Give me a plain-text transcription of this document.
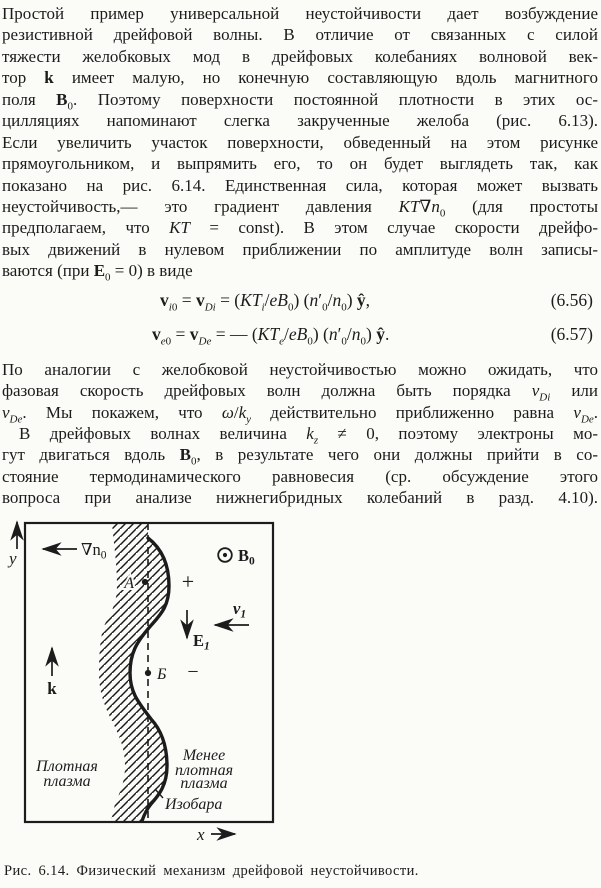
Простой пример универсальной неустойчивости дает возбуждение
резистивной дрейфовой волны. В отличие от связанных с силой
тяжести желобковых мод в дрейфовых колебаниях волновой век-
тор k имеет малую, но конечную составляющую вдоль магнитного
поля $B_0$. Поэтому поверхности постоянной плотности в этих ос-
цилляциях напоминают слегка закрученные желоба (рис. 6.13).
Если увеличить участок поверхности, обведенный на этом рисунке
прямоугольником, и выпрямить его, то он будет выглядеть так, как
показано на рис. 6.14. Единственная сила, которая может вызвать
неустойчивость,— это градиент давления $KT\nabla n_0$ (для простоты
предполагаем, что KT = const). В этом случае скорости дрейфо-
вых движений в нулевом приближении по амплитуде волн записы-
ваются (при $E_0 = 0$) в виде
$v_{i0} = v_{Di} = (KT_i/eB_0)$ $(n'_0/n_0)$ ŷ,	(6.56)
$v_{e0} = v_{De}$ = — $(KT_e/eB_0)$ $(n'_0/n_0)$ ŷ.	(6.57)
По аналогии с желобковой неустойчивостью можно ожидать, что
фазовая скорость дрейфовых волн должна быть порядка $v_{Di}$ или
$v_{De}$. Мы покажем, что $\omega/k_y$ действительно приближенно равна $v_{De}$.
В дрейфовых волнах величина $k_z \ne 0$, поэтому электроны мо-
гут двигаться вдоль $B_0$, в результате чего они должны прийти в со-
стояние термодинамического равновесия (ср. обсуждение этого
вопроса при анализе нижнегибридных колебаний в разд. 4.10).
y	$\nabla n_0$	$B_0$
A +
$v_1$
$E_1$
Б −
k
Плотная
плазма
Менее
плотная
плазма
Изобара
x
Рис. 6.14. Физический механизм дрейфовой неустойчивости.
